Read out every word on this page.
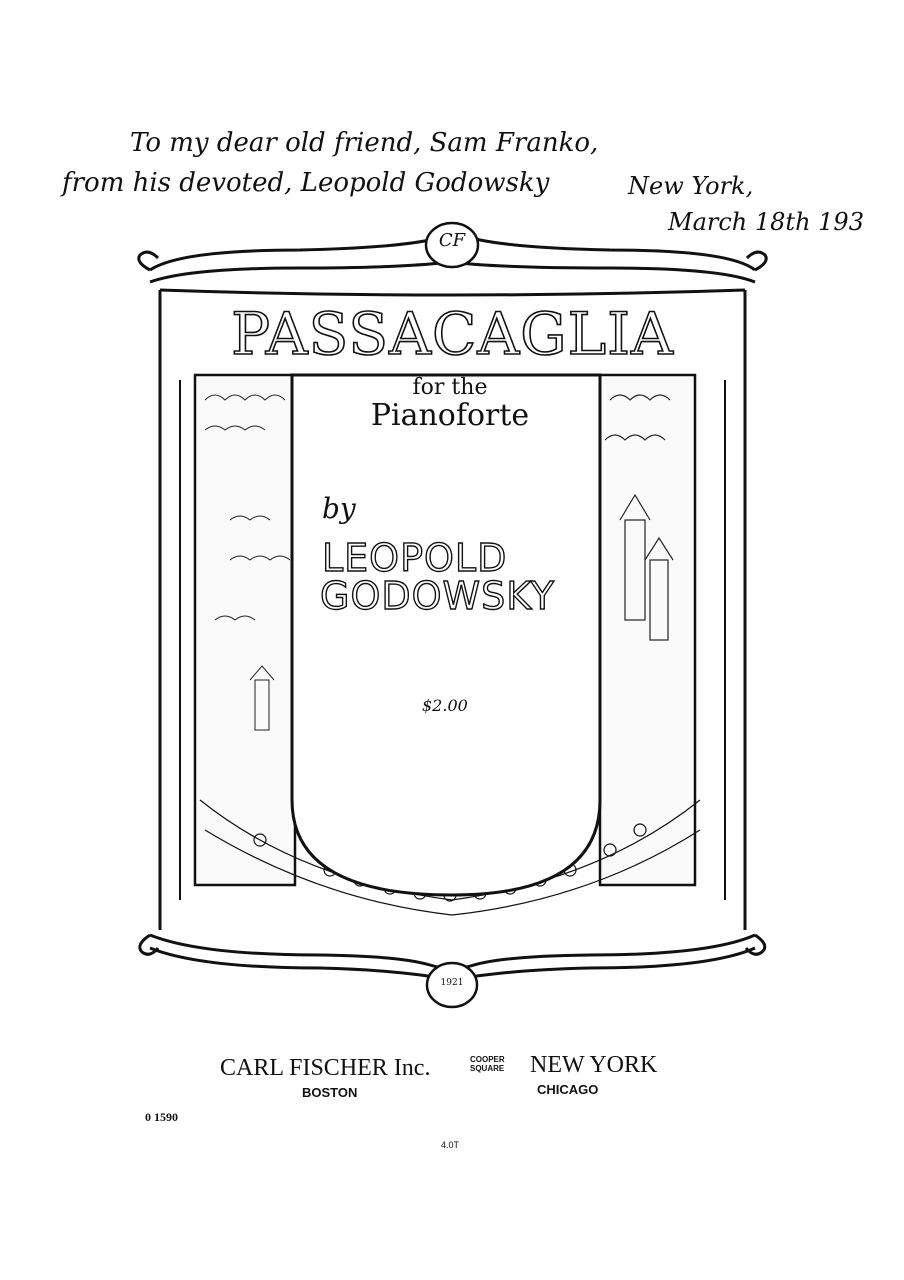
To my dear old friend, Sam Franko,
from his devoted, Leopold Godowsky	New York,
March 18th 193
CF
PASSACAGLIA
for the
Pianoforte
by
LEOPOLD
GODOWSKY
$2.00
1921
CARL FISCHER Inc.	COOPER
SQUARE NEW YORK
BOSTON	CHICAGO
0 1590
4.0T
